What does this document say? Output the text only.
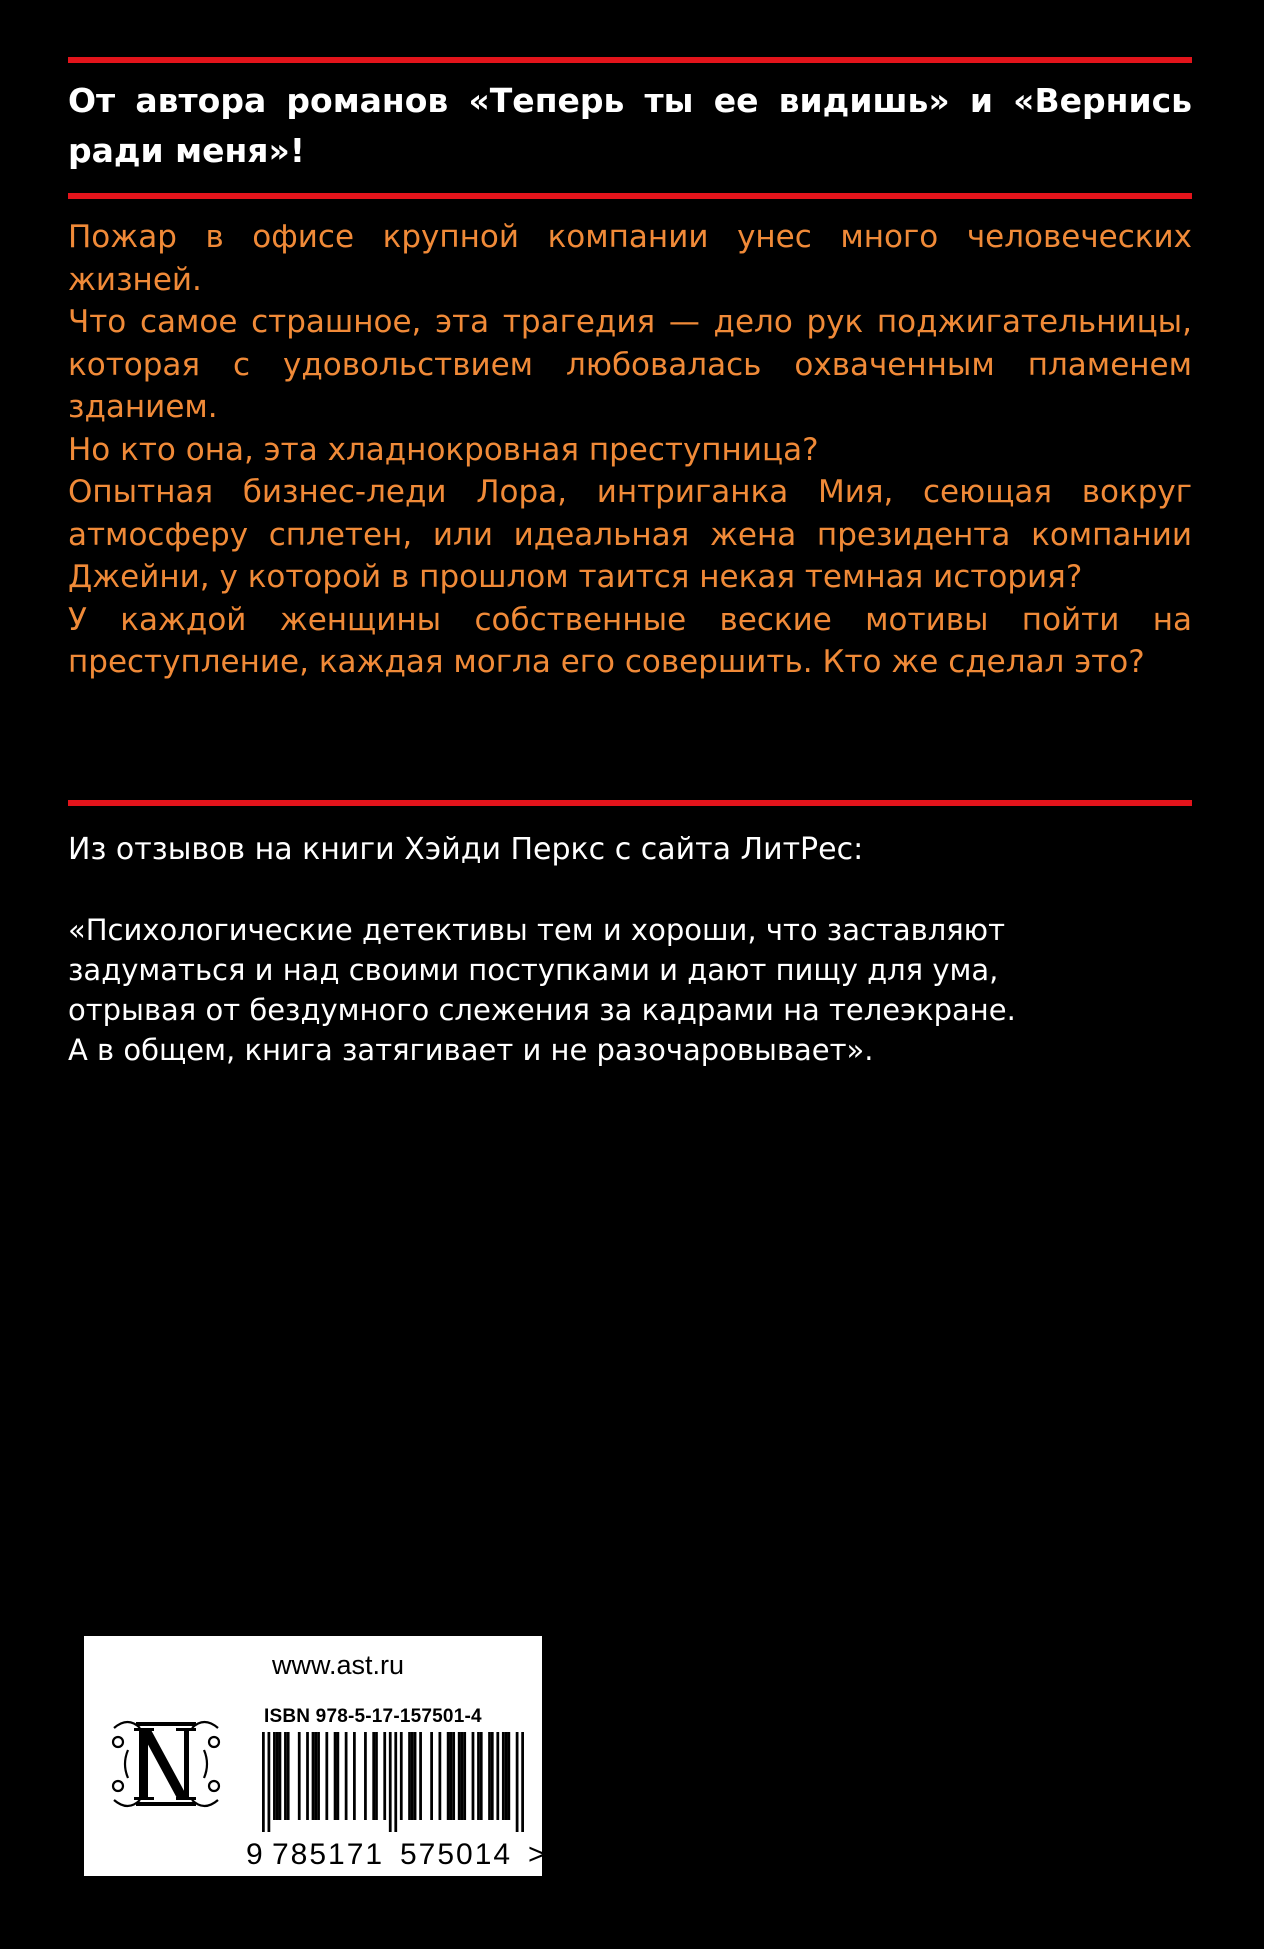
От автора романов «Теперь ты ее видишь» и «Вернись ради меня»!

Пожар в офисе крупной компании унес много человеческих жизней.

Что самое страшное, эта трагедия — дело рук поджигательницы, которая с удовольствием любовалась охваченным пламенем зданием.

Но кто она, эта хладнокровная преступница?

Опытная бизнес-леди Лора, интриганка Мия, сеющая вокруг атмосферу сплетен, или идеальная жена президента компании Джейни, у которой в прошлом таится некая темная история?

У каждой женщины собственные веские мотивы пойти на преступление, каждая могла его совершить. Кто же сделал это?

Из отзывов на книги Хэйди Перкс с сайта ЛитРес:

«Психологические детективы тем и хороши, что заставляют
задуматься и над своими поступками и дают пищу для ума,
отрывая от бездумного слежения за кадрами на телеэкране.
А в общем, книга затягивает и не разочаровывает».

www.ast.ru
ISBN 978-5-17-157501-4
9 785171 575014 >
